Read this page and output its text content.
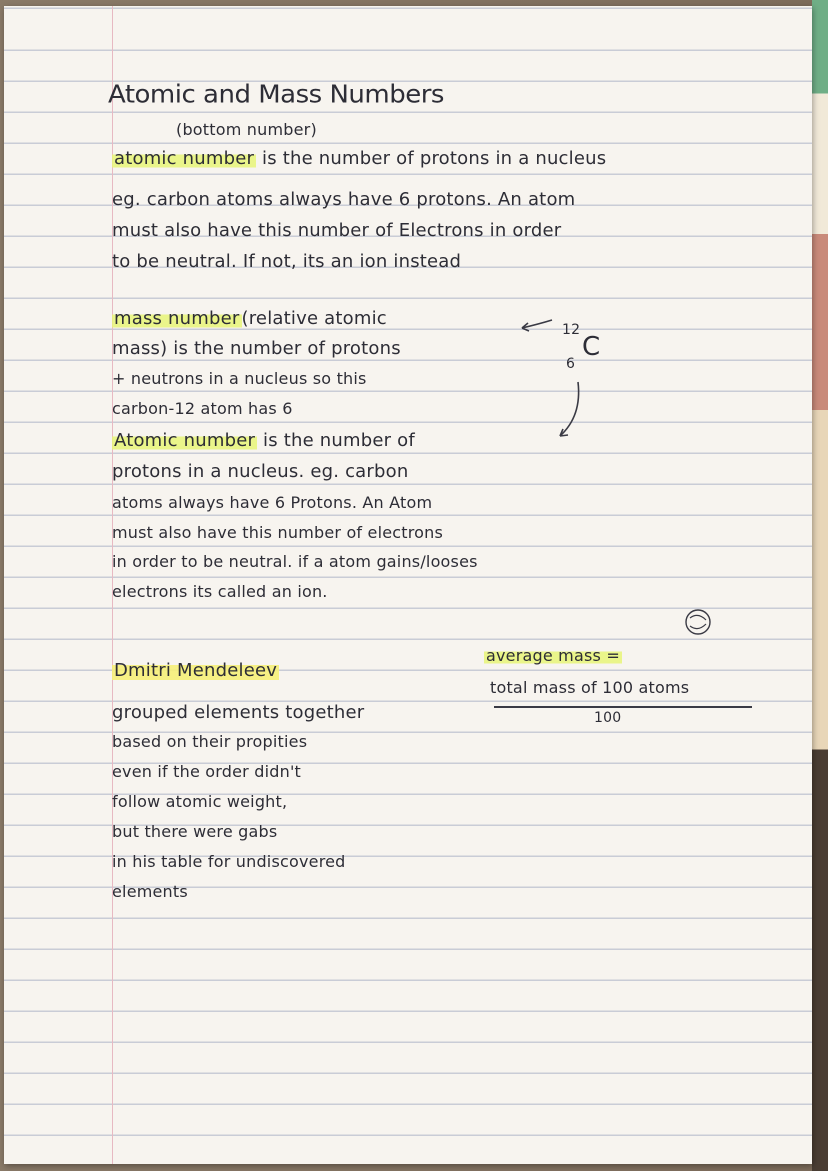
Atomic and Mass Numbers
(bottom number)
atomic number is the number of protons in a nucleus
eg. carbon atoms always have 6 protons. An atom
must also have this number of Electrons in order
to be neutral. If not, its an ion instead
mass number (relative atomic
mass) is the number of protons
+ neutrons in a nucleus so this
carbon-12 atom has 6
12
6
C
Atomic number is the number of
protons in a nucleus. eg. carbon
atoms always have 6 Protons. An Atom
must also have this number of electrons
in order to be neutral. if a atom gains/looses
electrons its called an ion.
average mass =
total mass of 100 atoms
100
Dmitri Mendeleev
grouped elements together
based on their propities
even if the order didn't
follow atomic weight,
but there were gabs
in his table for undiscovered
elements
